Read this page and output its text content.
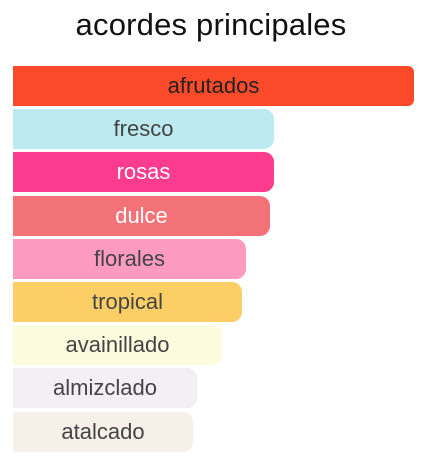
acordes principales
afrutados
fresco
rosas
dulce
florales
tropical
avainillado
almizclado
atalcado
